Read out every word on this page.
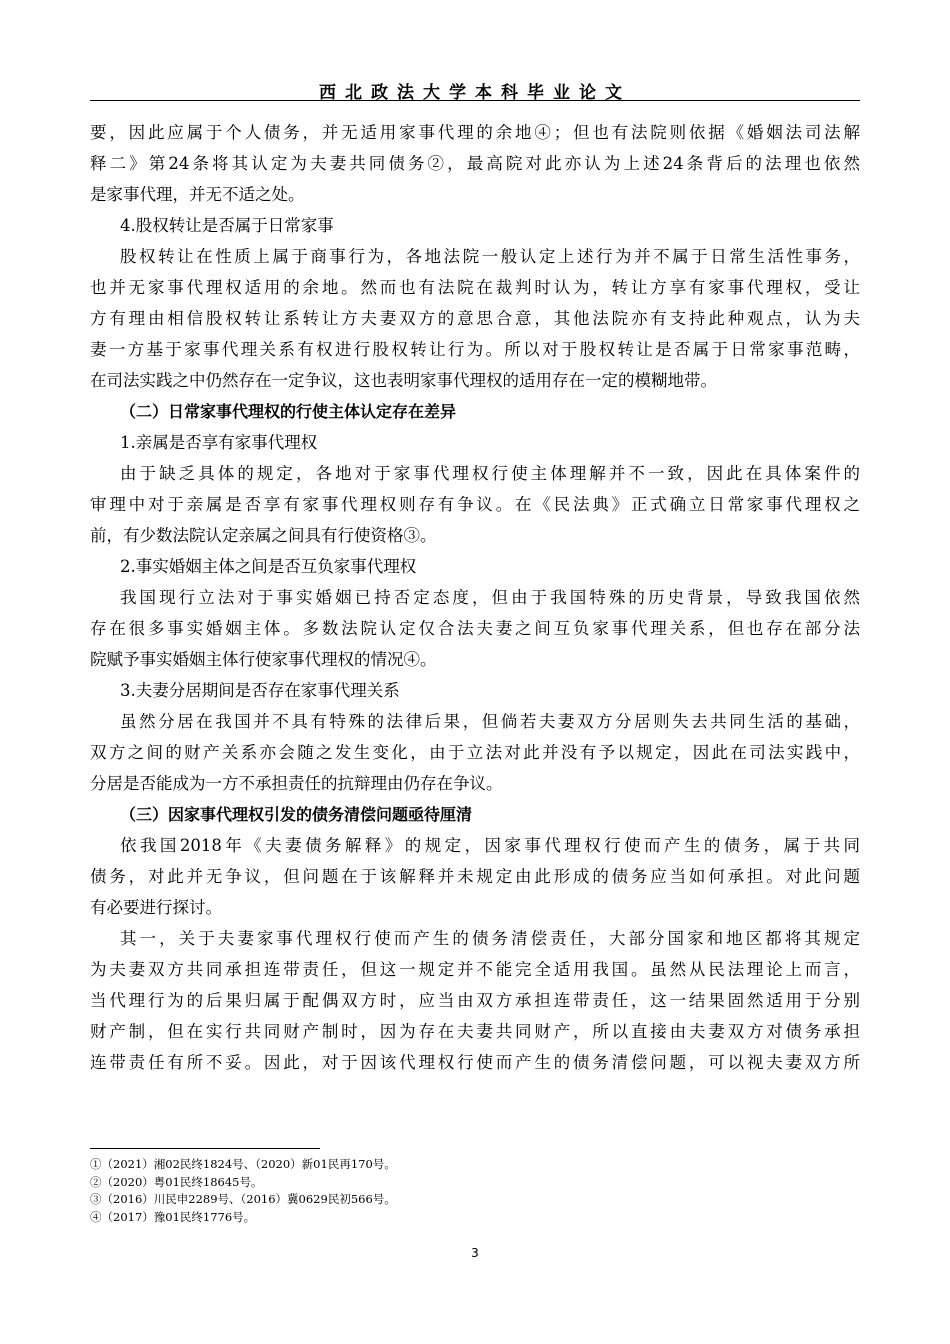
西北政法大学本科毕业论文
要，因此应属于个人债务，并无适用家事代理的余地④；但也有法院则依据《婚姻法司法解
释二》第24条将其认定为夫妻共同债务②，最高院对此亦认为上述24条背后的法理也依然
是家事代理，并无不适之处。
4.股权转让是否属于日常家事
股权转让在性质上属于商事行为，各地法院一般认定上述行为并不属于日常生活性事务，
也并无家事代理权适用的余地。然而也有法院在裁判时认为，转让方享有家事代理权，受让
方有理由相信股权转让系转让方夫妻双方的意思合意，其他法院亦有支持此种观点，认为夫
妻一方基于家事代理关系有权进行股权转让行为。所以对于股权转让是否属于日常家事范畴，
在司法实践之中仍然存在一定争议，这也表明家事代理权的适用存在一定的模糊地带。
（二）日常家事代理权的行使主体认定存在差异
1.亲属是否享有家事代理权
由于缺乏具体的规定，各地对于家事代理权行使主体理解并不一致，因此在具体案件的
审理中对于亲属是否享有家事代理权则存有争议。在《民法典》正式确立日常家事代理权之
前，有少数法院认定亲属之间具有行使资格③。
2.事实婚姻主体之间是否互负家事代理权
我国现行立法对于事实婚姻已持否定态度，但由于我国特殊的历史背景，导致我国依然
存在很多事实婚姻主体。多数法院认定仅合法夫妻之间互负家事代理关系，但也存在部分法
院赋予事实婚姻主体行使家事代理权的情况④。
3.夫妻分居期间是否存在家事代理关系
虽然分居在我国并不具有特殊的法律后果，但倘若夫妻双方分居则失去共同生活的基础，
双方之间的财产关系亦会随之发生变化，由于立法对此并没有予以规定，因此在司法实践中，
分居是否能成为一方不承担责任的抗辩理由仍存在争议。
（三）因家事代理权引发的债务清偿问题亟待厘清
依我国2018年《夫妻债务解释》的规定，因家事代理权行使而产生的债务，属于共同
债务，对此并无争议，但问题在于该解释并未规定由此形成的债务应当如何承担。对此问题
有必要进行探讨。
其一，关于夫妻家事代理权行使而产生的债务清偿责任，大部分国家和地区都将其规定
为夫妻双方共同承担连带责任，但这一规定并不能完全适用我国。虽然从民法理论上而言，
当代理行为的后果归属于配偶双方时，应当由双方承担连带责任，这一结果固然适用于分别
财产制，但在实行共同财产制时，因为存在夫妻共同财产，所以直接由夫妻双方对债务承担
连带责任有所不妥。因此，对于因该代理权行使而产生的债务清偿问题，可以视夫妻双方所
①（2021）湘02民终1824号、（2020）新01民再170号。
②（2020）粤01民终18645号。
③（2016）川民申2289号、（2016）冀0629民初566号。
④（2017）豫01民终1776号。
3
